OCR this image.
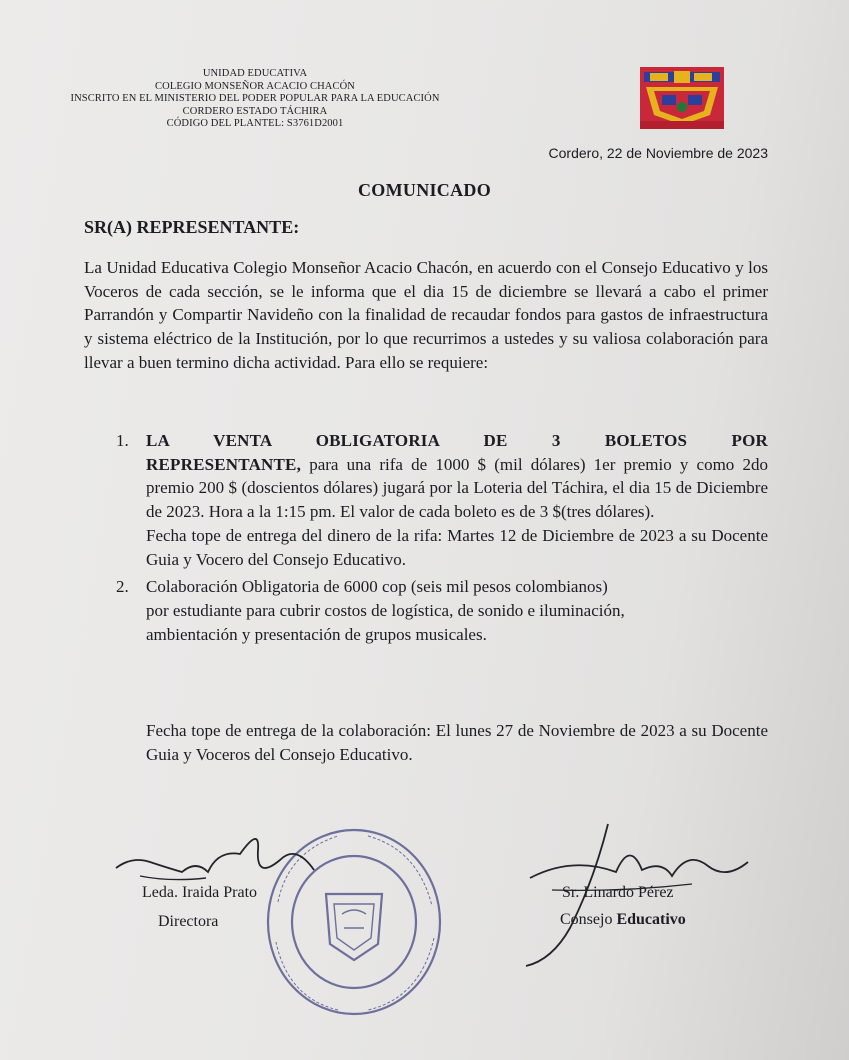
UNIDAD EDUCATIVA
COLEGIO MONSEÑOR ACACIO CHACÓN
INSCRITO EN EL MINISTERIO DEL PODER POPULAR PARA LA EDUCACIÓN
CORDERO ESTADO TÁCHIRA
CÓDIGO DEL PLANTEL: S3761D2001
Cordero, 22 de Noviembre de 2023
COMUNICADO
SR(A) REPRESENTANTE:
La Unidad Educativa Colegio Monseñor Acacio Chacón, en acuerdo con el Consejo Educativo y los Voceros de cada sección, se le informa que el dia 15 de diciembre se llevará a cabo el primer Parrandón y Compartir Navideño con la finalidad de recaudar fondos para gastos de infraestructura y sistema eléctrico de la Institución, por lo que recurrimos a ustedes y su valiosa colaboración para llevar a buen termino dicha actividad. Para ello se requiere:
1. LA VENTA OBLIGATORIA DE 3 BOLETOS POR
REPRESENTANTE, para una rifa de 1000 $ (mil dólares) 1er premio y como 2do premio 200 $ (doscientos dólares) jugará por la Loteria del Táchira, el dia 15 de Diciembre de 2023. Hora a la 1:15 pm. El valor de cada boleto es de 3 $(tres dólares).
Fecha tope de entrega del dinero de la rifa: Martes 12 de Diciembre de 2023 a su Docente Guia y Vocero del Consejo Educativo.
2. Colaboración Obligatoria de 6000 cop (seis mil pesos colombianos)
por estudiante para cubrir costos de logística, de sonido e iluminación,
ambientación y presentación de grupos musicales.
Fecha tope de entrega de la colaboración: El lunes 27 de Noviembre de 2023 a su Docente Guia y Voceros del Consejo Educativo.
Leda. Iraida Prato
Directora
Sr. Linardo Pérez
Consejo Educativo
